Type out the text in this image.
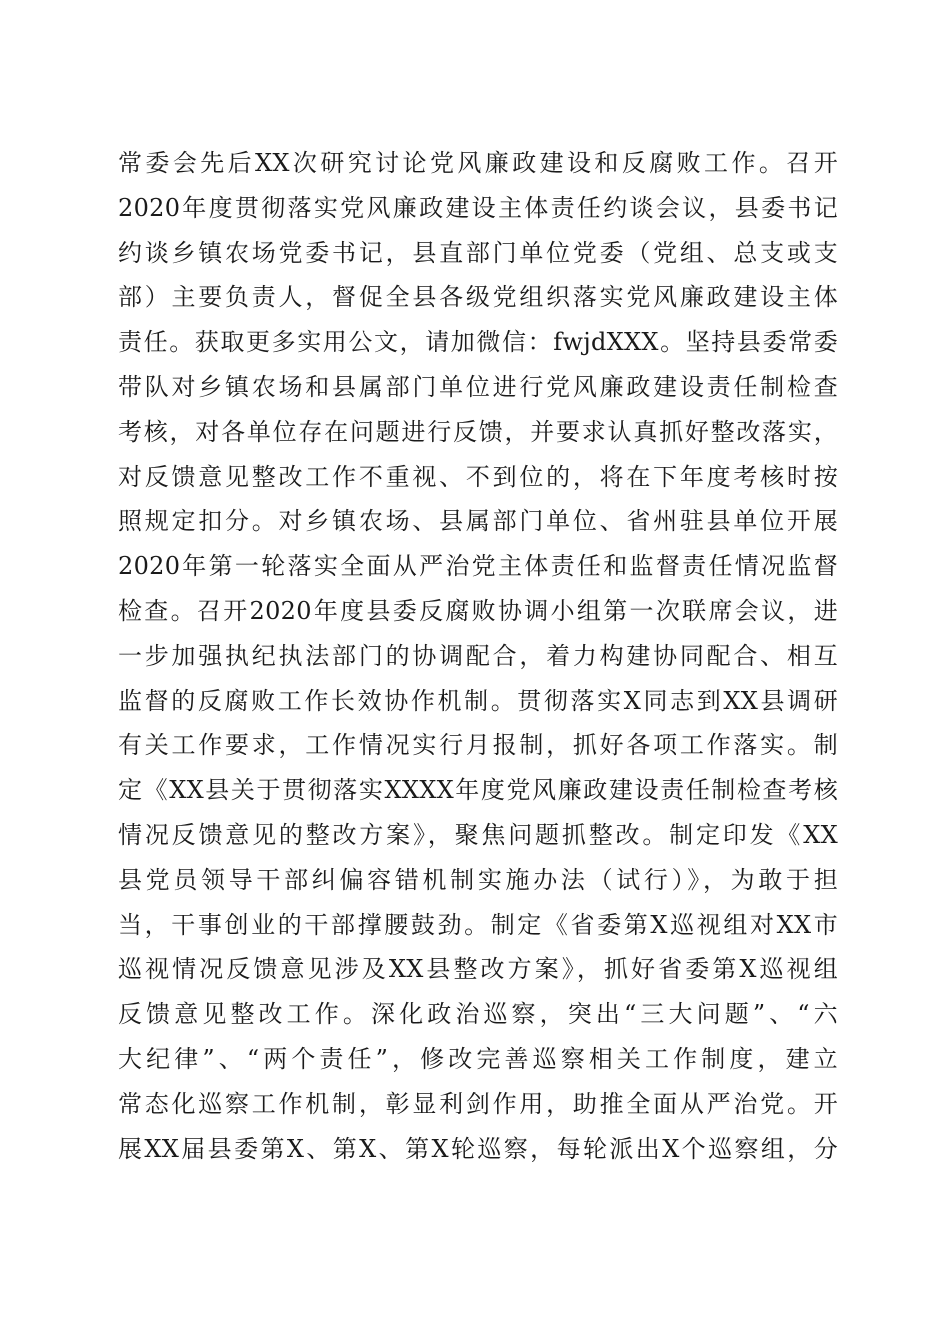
常委会先后XX次研究讨论党风廉政建设和反腐败工作。召开
2020年度贯彻落实党风廉政建设主体责任约谈会议，县委书记
约谈乡镇农场党委书记，县直部门单位党委（党组、总支或支
部）主要负责人，督促全县各级党组织落实党风廉政建设主体
责任。获取更多实用公文，请加微信：fwjdXXX。坚持县委常委
带队对乡镇农场和县属部门单位进行党风廉政建设责任制检查
考核，对各单位存在问题进行反馈，并要求认真抓好整改落实，
对反馈意见整改工作不重视、不到位的，将在下年度考核时按
照规定扣分。对乡镇农场、县属部门单位、省州驻县单位开展
2020年第一轮落实全面从严治党主体责任和监督责任情况监督
检查。召开2020年度县委反腐败协调小组第一次联席会议，进
一步加强执纪执法部门的协调配合，着力构建协同配合、相互
监督的反腐败工作长效协作机制。贯彻落实X同志到XX县调研
有关工作要求，工作情况实行月报制，抓好各项工作落实。制
定《XX县关于贯彻落实XXXX年度党风廉政建设责任制检查考核
情况反馈意见的整改方案》，聚焦问题抓整改。制定印发《XX
县党员领导干部纠偏容错机制实施办法（试行）》，为敢于担
当，干事创业的干部撑腰鼓劲。制定《省委第X巡视组对XX市
巡视情况反馈意见涉及XX县整改方案》，抓好省委第X巡视组
反馈意见整改工作。深化政治巡察，突出“三大问题”、“六
大纪律”、“两个责任”，修改完善巡察相关工作制度，建立
常态化巡察工作机制，彰显利剑作用，助推全面从严治党。开
展XX届县委第X、第X、第X轮巡察，每轮派出X个巡察组，分
